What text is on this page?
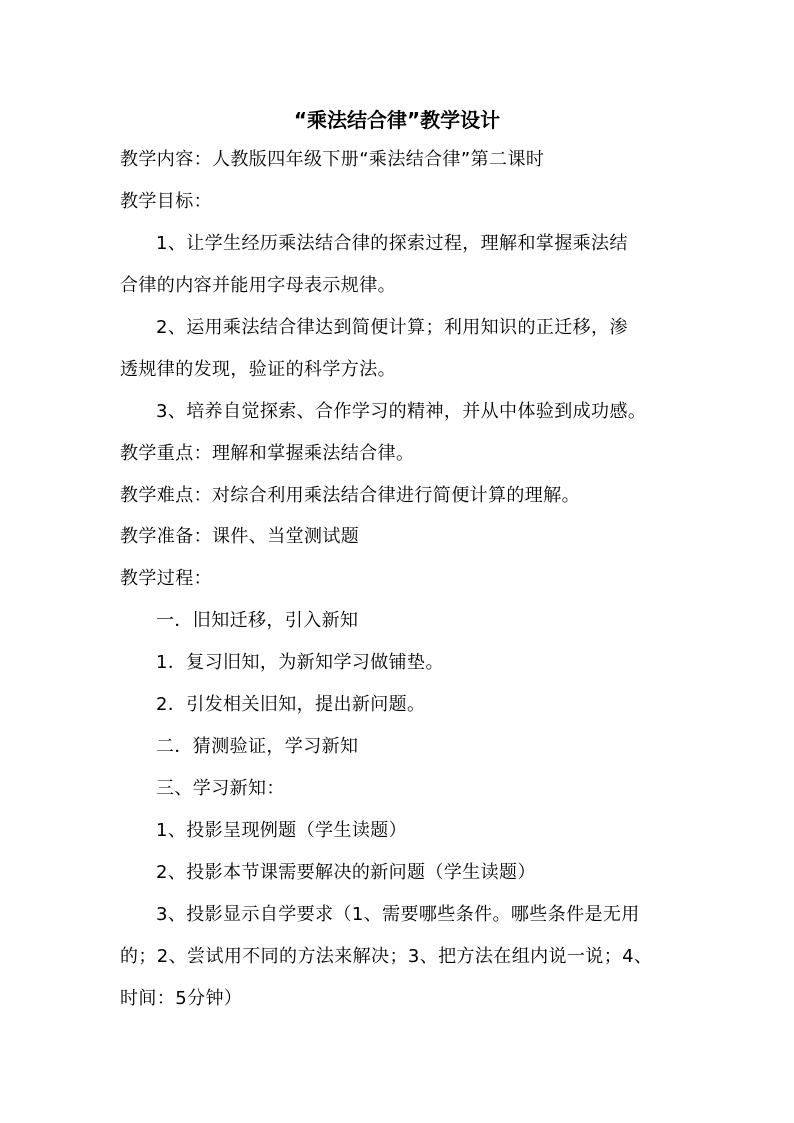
“乘法结合律”教学设计
教学内容：人教版四年级下册“乘法结合律”第二课时
教学目标：
1、让学生经历乘法结合律的探索过程，理解和掌握乘法结
合律的内容并能用字母表示规律。
2、运用乘法结合律达到简便计算；利用知识的正迁移，渗
透规律的发现，验证的科学方法。
3、培养自觉探索、合作学习的精神，并从中体验到成功感。
教学重点：理解和掌握乘法结合律。
教学难点：对综合利用乘法结合律进行简便计算的理解。
教学准备：课件、当堂测试题
教学过程：
一．旧知迁移，引入新知
1．复习旧知，为新知学习做铺垫。
2．引发相关旧知，提出新问题。
二．猜测验证，学习新知
三、学习新知：
1、投影呈现例题（学生读题）
2、投影本节课需要解决的新问题（学生读题）
3、投影显示自学要求（1、需要哪些条件。哪些条件是无用
的；2、尝试用不同的方法来解决；3、把方法在组内说一说；4、
时间：5分钟）
